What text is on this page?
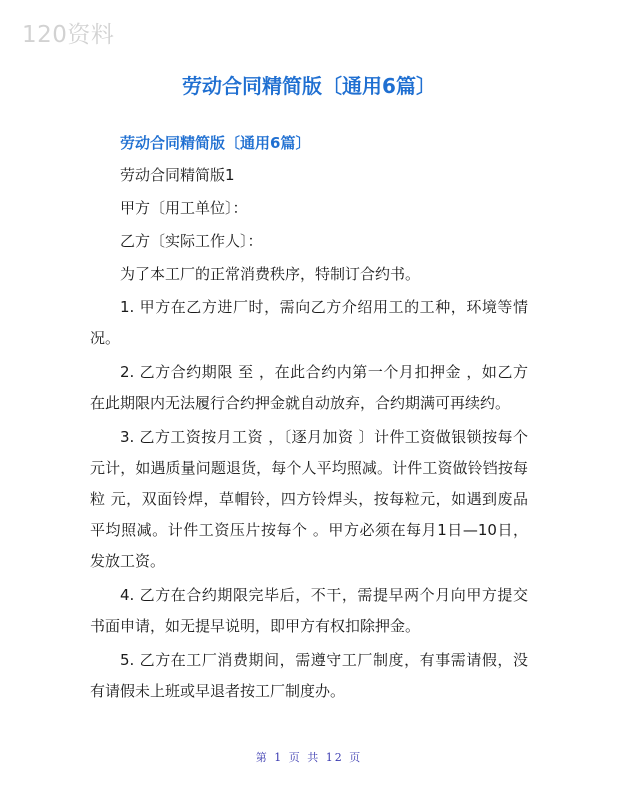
120资料
劳动合同精简版〔通用6篇〕
劳动合同精简版〔通用6篇〕
劳动合同精简版1
甲方〔用工单位〕：
乙方〔实际工作人〕：
为了本工厂的正常消费秩序，特制订合约书。
1. 甲方在乙方进厂时，需向乙方介绍用工的工种，环境等情况。
2. 乙方合约期限 至 ，在此合约内第一个月扣押金 ，如乙方在此期限内无法履行合约押金就自动放弃，合约期满可再续约。
3. 乙方工资按月工资 ，〔逐月加资 〕计件工资做银锁按每个 元计，如遇质量问题退货，每个人平均照减。计件工资做铃铛按每粒 元，双面铃焊，草帽铃，四方铃焊头，按每粒元，如遇到废品平均照减。计件工资压片按每个 。甲方必须在每月1日—10日，发放工资。
4. 乙方在合约期限完毕后，不干，需提早两个月向甲方提交书面申请，如无提早说明，即甲方有权扣除押金。
5. 乙方在工厂消费期间，需遵守工厂制度，有事需请假，没有请假未上班或早退者按工厂制度办。
第 1 页 共 12 页
